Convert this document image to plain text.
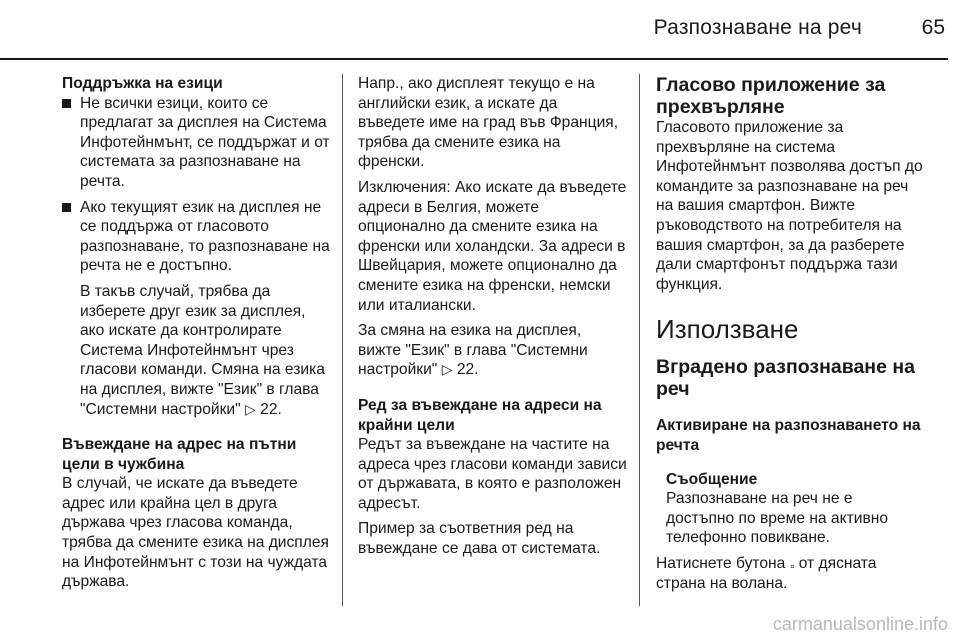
Разпознаване на реч	65
Поддръжка на езици
Не всички езици, които се предлагат за дисплея на Система Инфотейнмънт, се поддържат и от системата за разпознаване на речта.
Ако текущият език на дисплея не се поддържа от гласовото разпознаване, то разпознаване на речта не е достъпно.
В такъв случай, трябва да изберете друг език за дисплея, ако искате да контролирате Система Инфотейнмънт чрез гласови команди. Смяна на езика на дисплея, вижте "Език" в глава "Системни настройки" ▷ 22.
Въвеждане на адрес на пътни цели в чужбина

В случай, че искате да въведете адрес или крайна цел в друга държава чрез гласова команда, трябва да смените езика на дисплея на Инфотейнмънт с този на чуждата държава.

Напр., ако дисплеят текущо е на английски език, а искате да въведете име на град във Франция, трябва да смените езика на френски.

Изключения: Ако искате да въведете адреси в Белгия, можете опционално да смените езика на френски или холандски. За адреси в Швейцария, можете опционално да смените езика на френски, немски или италиански.

За смяна на езика на дисплея, вижте "Език" в глава "Системни настройки" ▷ 22.

Ред за въвеждане на адреси на крайни цели

Редът за въвеждане на частите на адреса чрез гласови команди зависи от държавата, в която е разположен адресът.

Пример за съответния ред на въвеждане се дава от системата.

Гласово приложение за прехвърляне

Гласовото приложение за прехвърляне на система Инфотейнмънт позволява достъп до командите за разпознаване на реч на вашия смартфон. Вижте ръководството на потребителя на вашия смартфон, за да разберете дали смартфонът поддържа тази функция.

Използване
Вградено разпознаване на реч
Активиране на разпознаването на речта
Съобщение

Разпознаване на реч не е достъпно по време на активно телефонно повикване.

Натиснете бутона 𝅆 от дясната страна на волана.

carmanualsonline.info
